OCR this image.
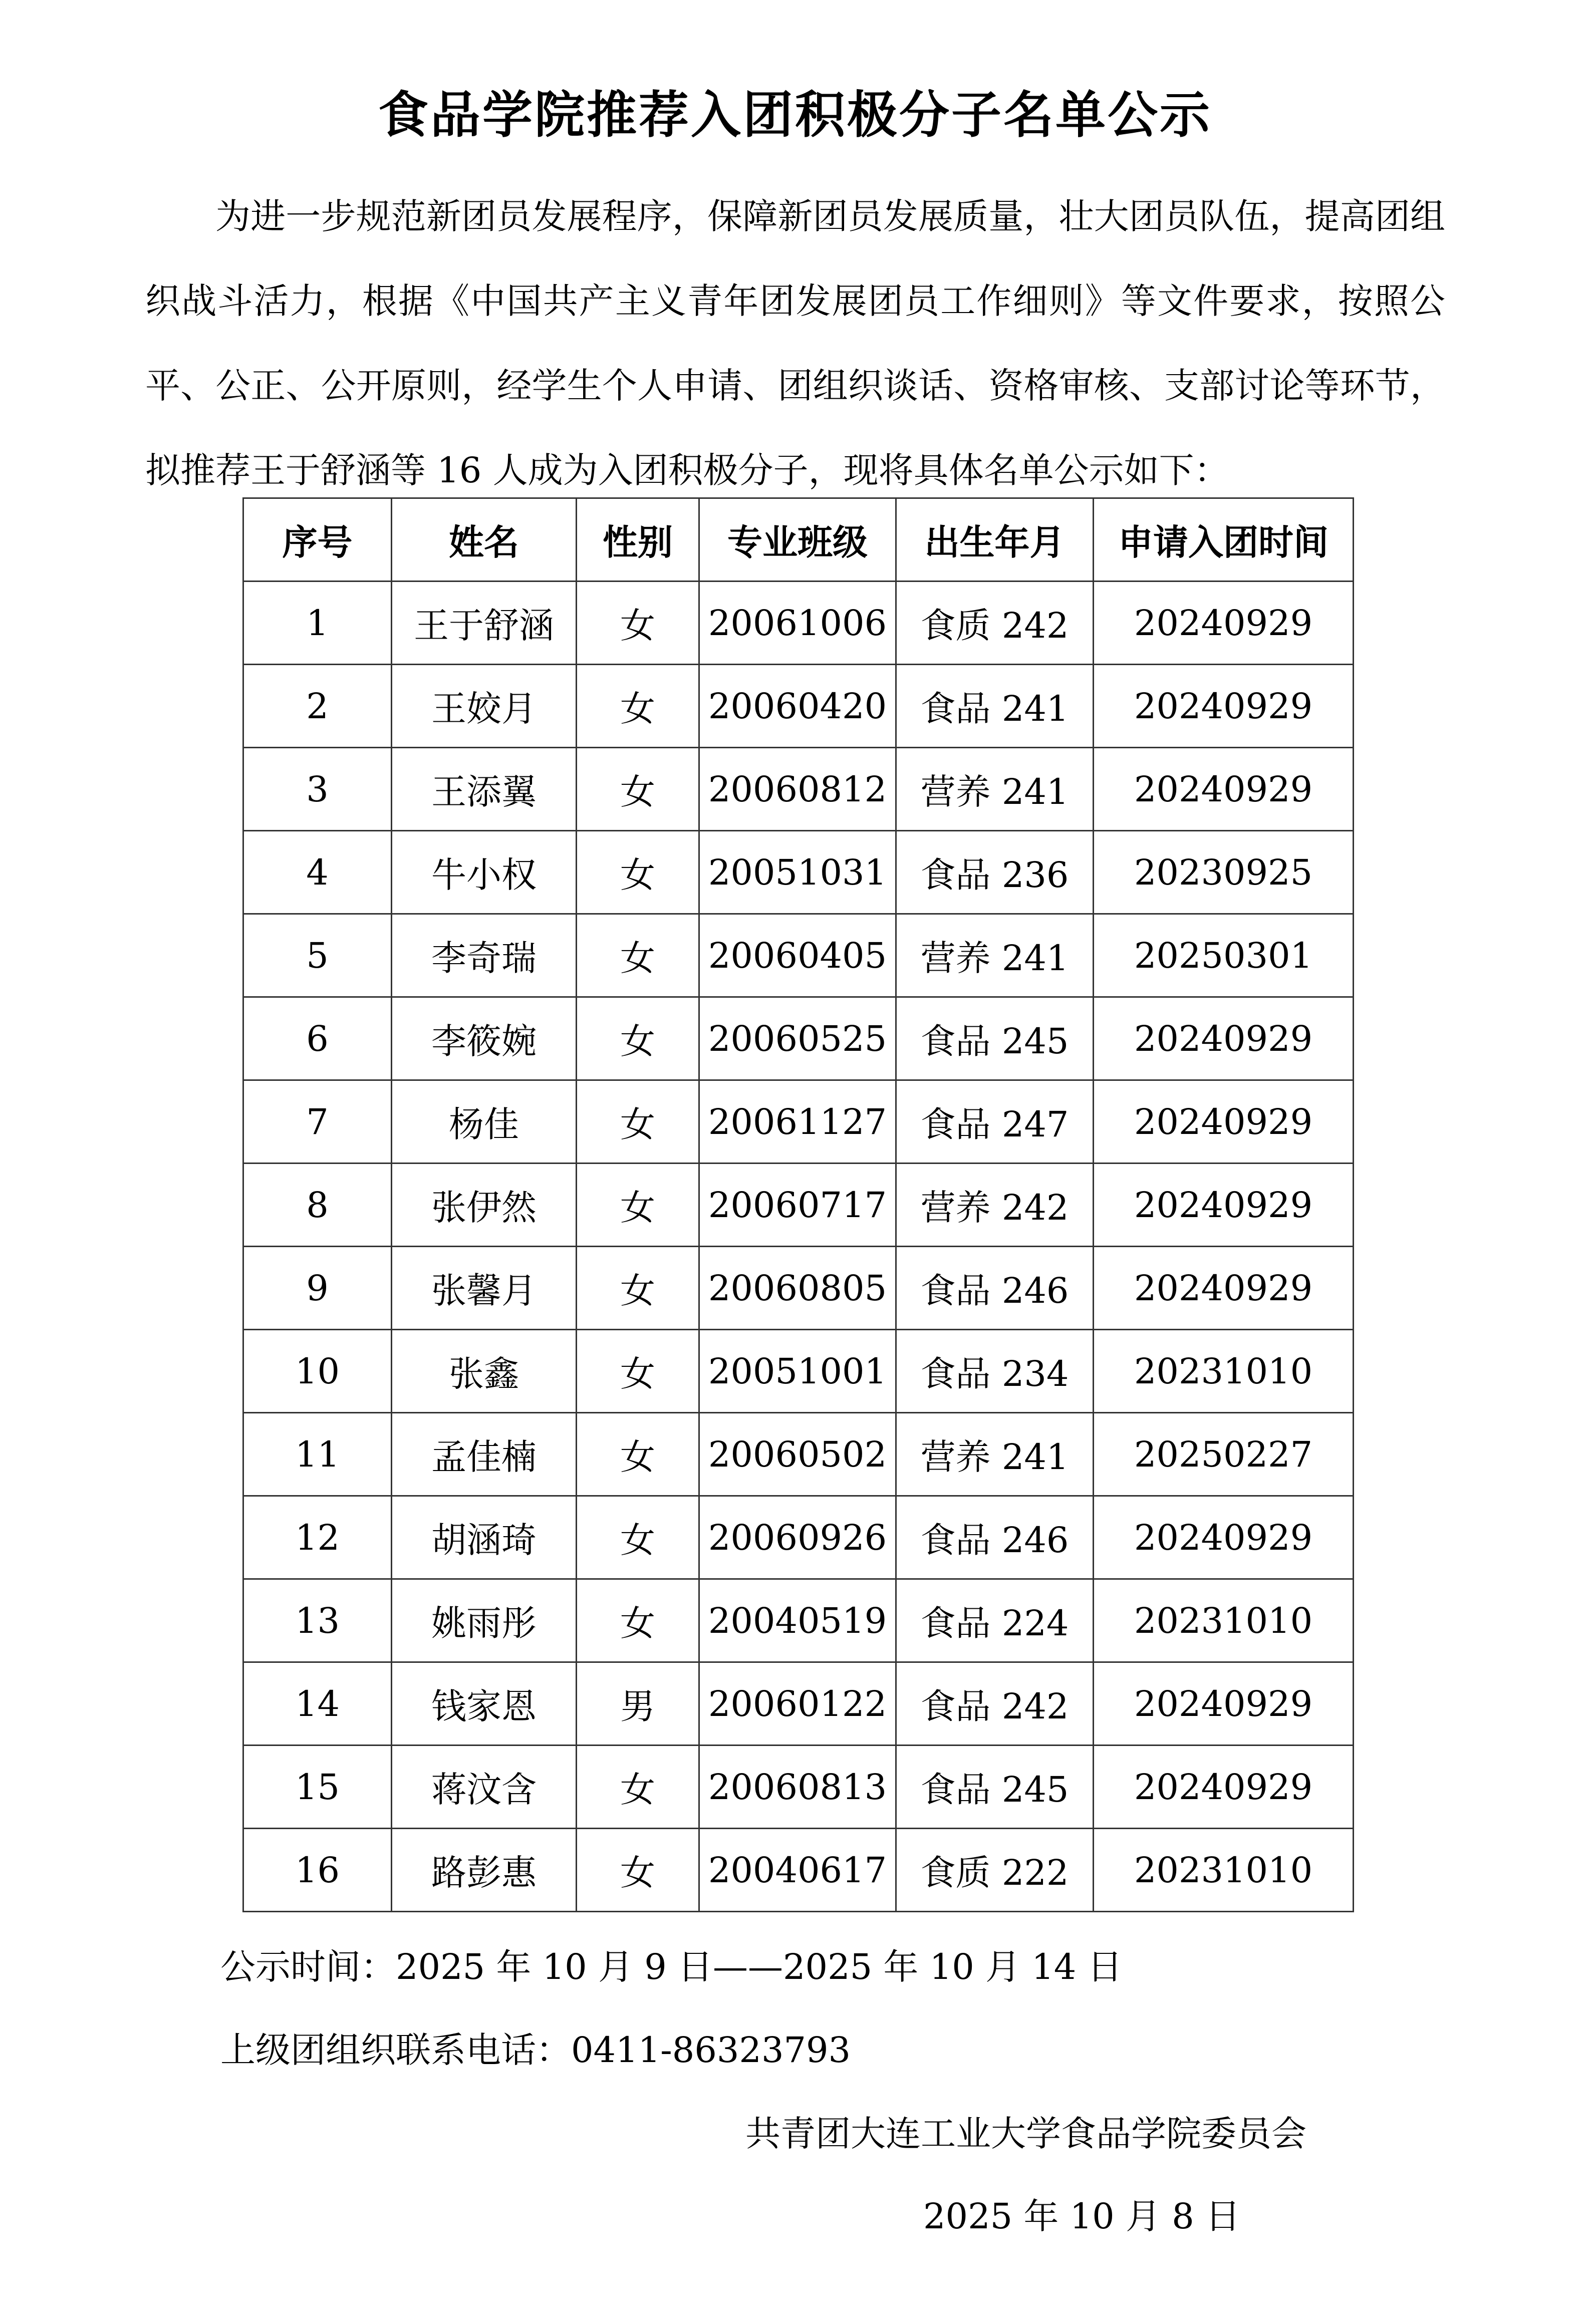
食品学院推荐入团积极分子名单公示

为进一步规范新团员发展程序，保障新团员发展质量，壮大团员队伍，提高团组织战斗活力，根据《中国共产主义青年团发展团员工作细则》等文件要求，按照公平、公正、公开原则，经学生个人申请、团组织谈话、资格审核、支部讨论等环节，拟推荐王于舒涵等 16 人成为入团积极分子，现将具体名单公示如下：

序号	姓名	性别	专业班级	出生年月	申请入团时间
1	王于舒涵	女	20061006	食质 242	20240929
2	王姣月	女	20060420	食品 241	20240929
3	王添翼	女	20060812	营养 241	20240929
4	牛小权	女	20051031	食品 236	20230925
5	李奇瑞	女	20060405	营养 241	20250301
6	李筱婉	女	20060525	食品 245	20240929
7	杨佳	女	20061127	食品 247	20240929
8	张伊然	女	20060717	营养 242	20240929
9	张馨月	女	20060805	食品 246	20240929
10	张鑫	女	20051001	食品 234	20231010
11	孟佳楠	女	20060502	营养 241	20250227
12	胡涵琦	女	20060926	食品 246	20240929
13	姚雨彤	女	20040519	食品 224	20231010
14	钱家恩	男	20060122	食品 242	20240929
15	蒋汶含	女	20060813	食品 245	20240929
16	路彭惠	女	20040617	食质 222	20231010
公示时间：2025 年 10 月 9 日——2025 年 10 月 14 日
上级团组织联系电话：0411-86323793
共青团大连工业大学食品学院委员会
2025 年 10 月 8 日
